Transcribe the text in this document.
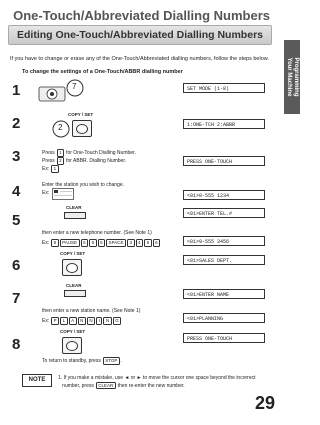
One-Touch/Abbreviated Dialling Numbers
Editing One-Touch/Abbreviated Dialling Numbers
Programming
Your Machine
If you have to change or erase any of the One-Touch/Abbreviated dialling numbers, follow the steps below.
To change the settings of a One-Touch/ABBR dialling number
1	7	SET MODE (1-8)
2	2
COPY / SET
1:ONE-TCH 2:ABBR
3	Press 1 for One-Touch Dialling Number.
Press 2 for ABBR. Dialling Number.
Ex: 1
PRESS ONE-TOUCH
4	Enter the station you wish to change.
Ex:	<01>8-555 1234
5
CLEAR
<01>ENTER TEL.#
then enter a new telephone number. (See Note 1)
Ex: 9 PAUSE 5 5 5 SPACE 3 4 5 6	<01>9-555 3456
6
COPY / SET
<01>SALES DEPT.
7
CLEAR
<01>ENTER NAME
then enter a new station name. (See Note 1)
Ex: P L A N N I N G	<01>PLANNING
8
COPY / SET
PRESS ONE-TOUCH
To return to standby, press STOP .
NOTE	1. If you make a mistake, use ◄ or ► to move the cursor one space beyond the incorrect
number, press CLEAR then re-enter the new number.
29
